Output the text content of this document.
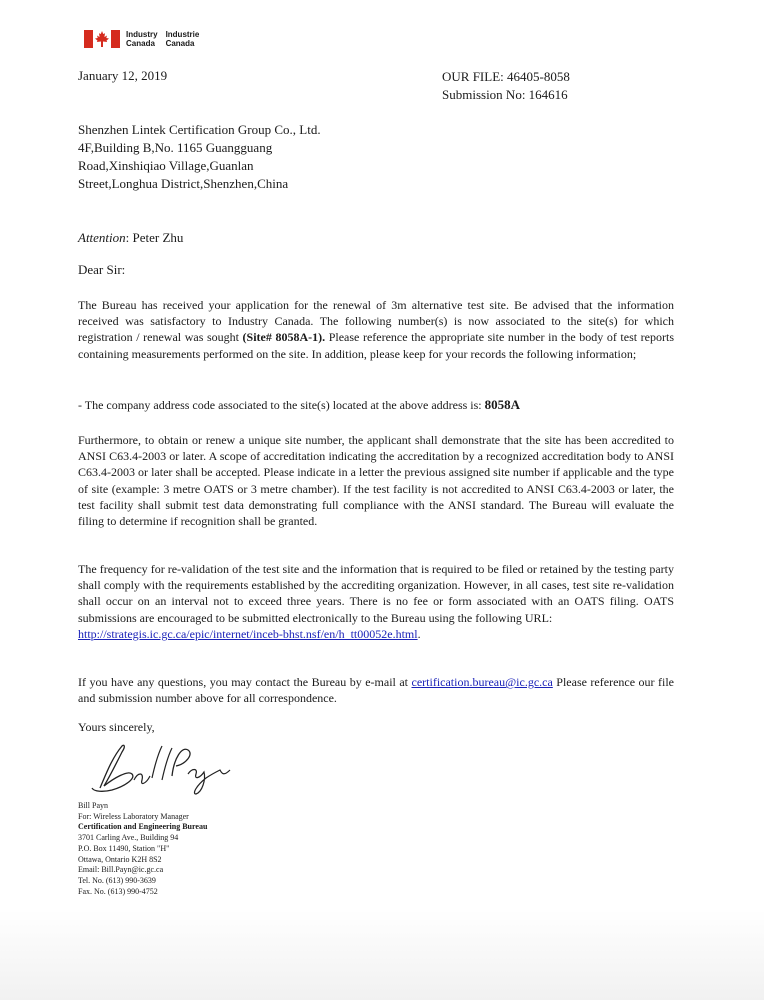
Industry
Canada
Industrie
Canada
January 12, 2019	OUR FILE: 46405-8058
Submission No: 164616
Shenzhen Lintek Certification Group Co., Ltd.
4F,Building B,No. 1165 Guangguang
Road,Xinshiqiao Village,Guanlan
Street,Longhua District,Shenzhen,China
Attention: Peter Zhu
Dear Sir:
The Bureau has received your application for the renewal of 3m alternative test site. Be advised that the information received was satisfactory to Industry Canada. The following number(s) is now associated to the site(s) for which registration / renewal was sought (Site# 8058A-1). Please reference the appropriate site number in the body of test reports containing measurements performed on the site. In addition, please keep for your records the following information;
- The company address code associated to the site(s) located at the above address is: 8058A
Furthermore, to obtain or renew a unique site number, the applicant shall demonstrate that the site has been accredited to ANSI C63.4-2003 or later. A scope of accreditation indicating the accreditation by a recognized accreditation body to ANSI C63.4-2003 or later shall be accepted. Please indicate in a letter the previous assigned site number if applicable and the type of site (example: 3 metre OATS or 3 metre chamber). If the test facility is not accredited to ANSI C63.4-2003 or later, the test facility shall submit test data demonstrating full compliance with the ANSI standard. The Bureau will evaluate the filing to determine if recognition shall be granted.
The frequency for re-validation of the test site and the information that is required to be filed or retained by the testing party shall comply with the requirements established by the accrediting organization. However, in all cases, test site re-validation shall occur on an interval not to exceed three years. There is no fee or form associated with an OATS filing. OATS submissions are encouraged to be submitted electronically to the Bureau using the following URL:
http://strategis.ic.gc.ca/epic/internet/inceb-bhst.nsf/en/h_tt00052e.html.
If you have any questions, you may contact the Bureau by e-mail at certification.bureau@ic.gc.ca Please reference our file and submission number above for all correspondence.
Yours sincerely,
Bill Payn
For: Wireless Laboratory Manager
Certification and Engineering Bureau
3701 Carling Ave., Building 94
P.O. Box 11490, Station "H"
Ottawa, Ontario K2H 8S2
Email: Bill.Payn@ic.gc.ca
Tel. No. (613) 990-3639
Fax. No. (613) 990-4752
